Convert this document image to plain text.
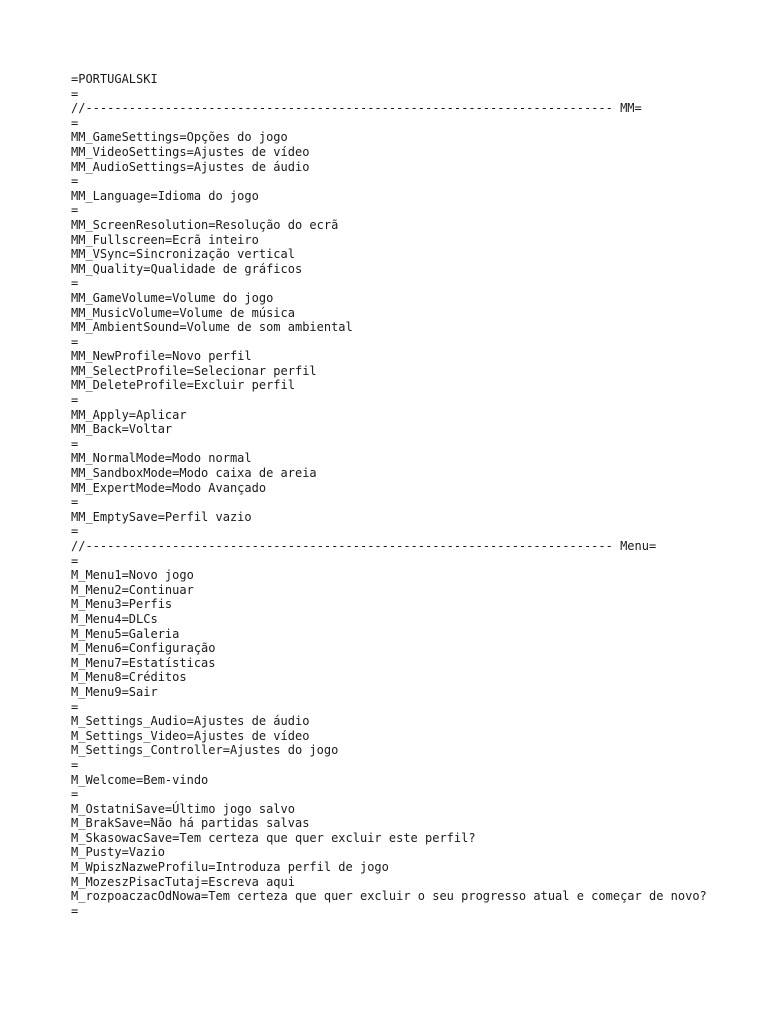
=PORTUGALSKI
=
//------------------------------------------------------------------------- MM=
=
MM_GameSettings=Opções do jogo
MM_VideoSettings=Ajustes de vídeo
MM_AudioSettings=Ajustes de áudio
=
MM_Language=Idioma do jogo
=
MM_ScreenResolution=Resolução do ecrã
MM_Fullscreen=Ecrã inteiro
MM_VSync=Sincronização vertical
MM_Quality=Qualidade de gráficos
=
MM_GameVolume=Volume do jogo
MM_MusicVolume=Volume de música
MM_AmbientSound=Volume de som ambiental
=
MM_NewProfile=Novo perfil
MM_SelectProfile=Selecionar perfil
MM_DeleteProfile=Excluir perfil
=
MM_Apply=Aplicar
MM_Back=Voltar
=
MM_NormalMode=Modo normal
MM_SandboxMode=Modo caixa de areia
MM_ExpertMode=Modo Avançado
=
MM_EmptySave=Perfil vazio
=
//------------------------------------------------------------------------- Menu=
=
M_Menu1=Novo jogo
M_Menu2=Continuar
M_Menu3=Perfis
M_Menu4=DLCs
M_Menu5=Galeria
M_Menu6=Configuração
M_Menu7=Estatísticas
M_Menu8=Créditos
M_Menu9=Sair
=
M_Settings_Audio=Ajustes de áudio
M_Settings_Video=Ajustes de vídeo
M_Settings_Controller=Ajustes do jogo
=
M_Welcome=Bem-vindo
=
M_OstatniSave=Último jogo salvo
M_BrakSave=Não há partidas salvas
M_SkasowacSave=Tem certeza que quer excluir este perfil?
M_Pusty=Vazio
M_WpiszNazweProfilu=Introduza perfil de jogo
M_MozeszPisacTutaj=Escreva aqui
M_rozpoaczacOdNowa=Tem certeza que quer excluir o seu progresso atual e começar de novo?
=
